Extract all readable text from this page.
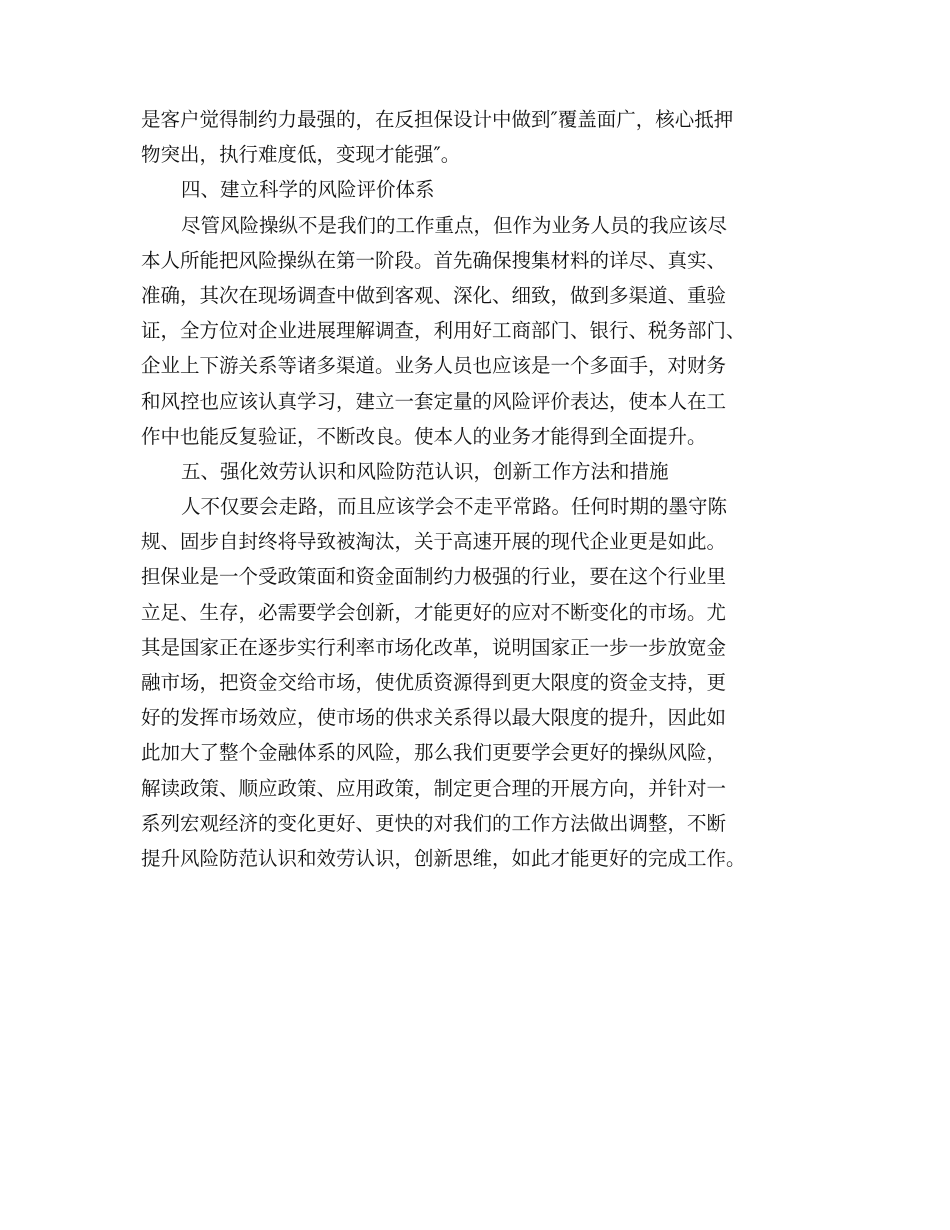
是客户觉得制约力最强的，在反担保设计中做到″覆盖面广，核心抵押
物突出，执行难度低，变现才能强″。
四、建立科学的风险评价体系
尽管风险操纵不是我们的工作重点，但作为业务人员的我应该尽
本人所能把风险操纵在第一阶段。首先确保搜集材料的详尽、真实、
准确，其次在现场调查中做到客观、深化、细致，做到多渠道、重验
证，全方位对企业进展理解调查，利用好工商部门、银行、税务部门、
企业上下游关系等诸多渠道。业务人员也应该是一个多面手，对财务
和风控也应该认真学习，建立一套定量的风险评价表达，使本人在工
作中也能反复验证，不断改良。使本人的业务才能得到全面提升。
五、强化效劳认识和风险防范认识，创新工作方法和措施
人不仅要会走路，而且应该学会不走平常路。任何时期的墨守陈
规、固步自封终将导致被淘汰，关于高速开展的现代企业更是如此。
担保业是一个受政策面和资金面制约力极强的行业，要在这个行业里
立足、生存，必需要学会创新，才能更好的应对不断变化的市场。尤
其是国家正在逐步实行利率市场化改革，说明国家正一步一步放宽金
融市场，把资金交给市场，使优质资源得到更大限度的资金支持，更
好的发挥市场效应，使市场的供求关系得以最大限度的提升，因此如
此加大了整个金融体系的风险，那么我们更要学会更好的操纵风险，
解读政策、顺应政策、应用政策，制定更合理的开展方向，并针对一
系列宏观经济的变化更好、更快的对我们的工作方法做出调整，不断
提升风险防范认识和效劳认识，创新思维，如此才能更好的完成工作。
